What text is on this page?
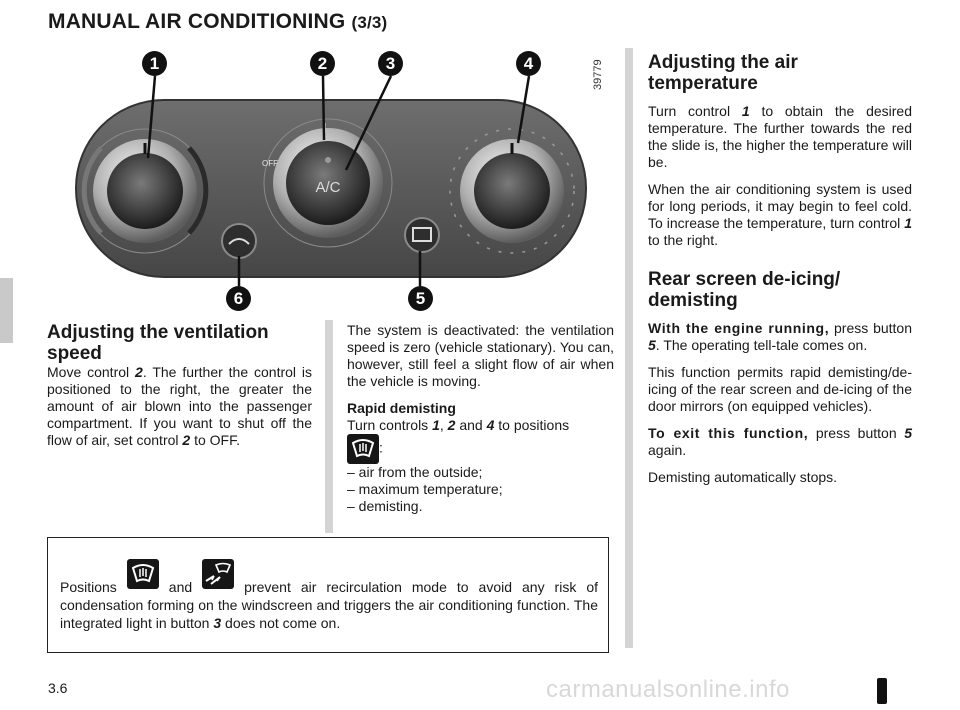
MANUAL AIR CONDITIONING (3/3)
A/C
OFF
1	2	3	4
6	5
39779
Adjusting the ventilation speed

Move control 2. The further the control is positioned to the right, the greater the amount of air blown into the passenger compartment. If you want to shut off the flow of air, set control 2 to OFF.

The system is deactivated: the ventilation speed is zero (vehicle stationary). You can, however, still feel a slight flow of air when the vehicle is moving.

Rapid demisting

Turn controls 1, 2 and 4 to positions

:

– air from the outside;
– maximum temperature;
– demisting.
Adjusting the air temperature

Turn control 1 to obtain the desired temperature. The further towards the red the slide is, the higher the temperature will be.

When the air conditioning system is used for long periods, it may begin to feel cold. To increase the temperature, turn control 1 to the right.

Rear screen de-icing/ demisting

With the engine running, press button 5. The operating tell-tale comes on.

This function permits rapid demisting/de-icing of the rear screen and de-icing of the door mirrors (on equipped vehicles).

To exit this function, press button 5 again.

Demisting automatically stops.

Positions
and
prevent air recirculation mode to avoid any risk of condensation forming on the windscreen and triggers the air conditioning function. The integrated light in button 3 does not come on.

3.6	carmanualsonline.info
